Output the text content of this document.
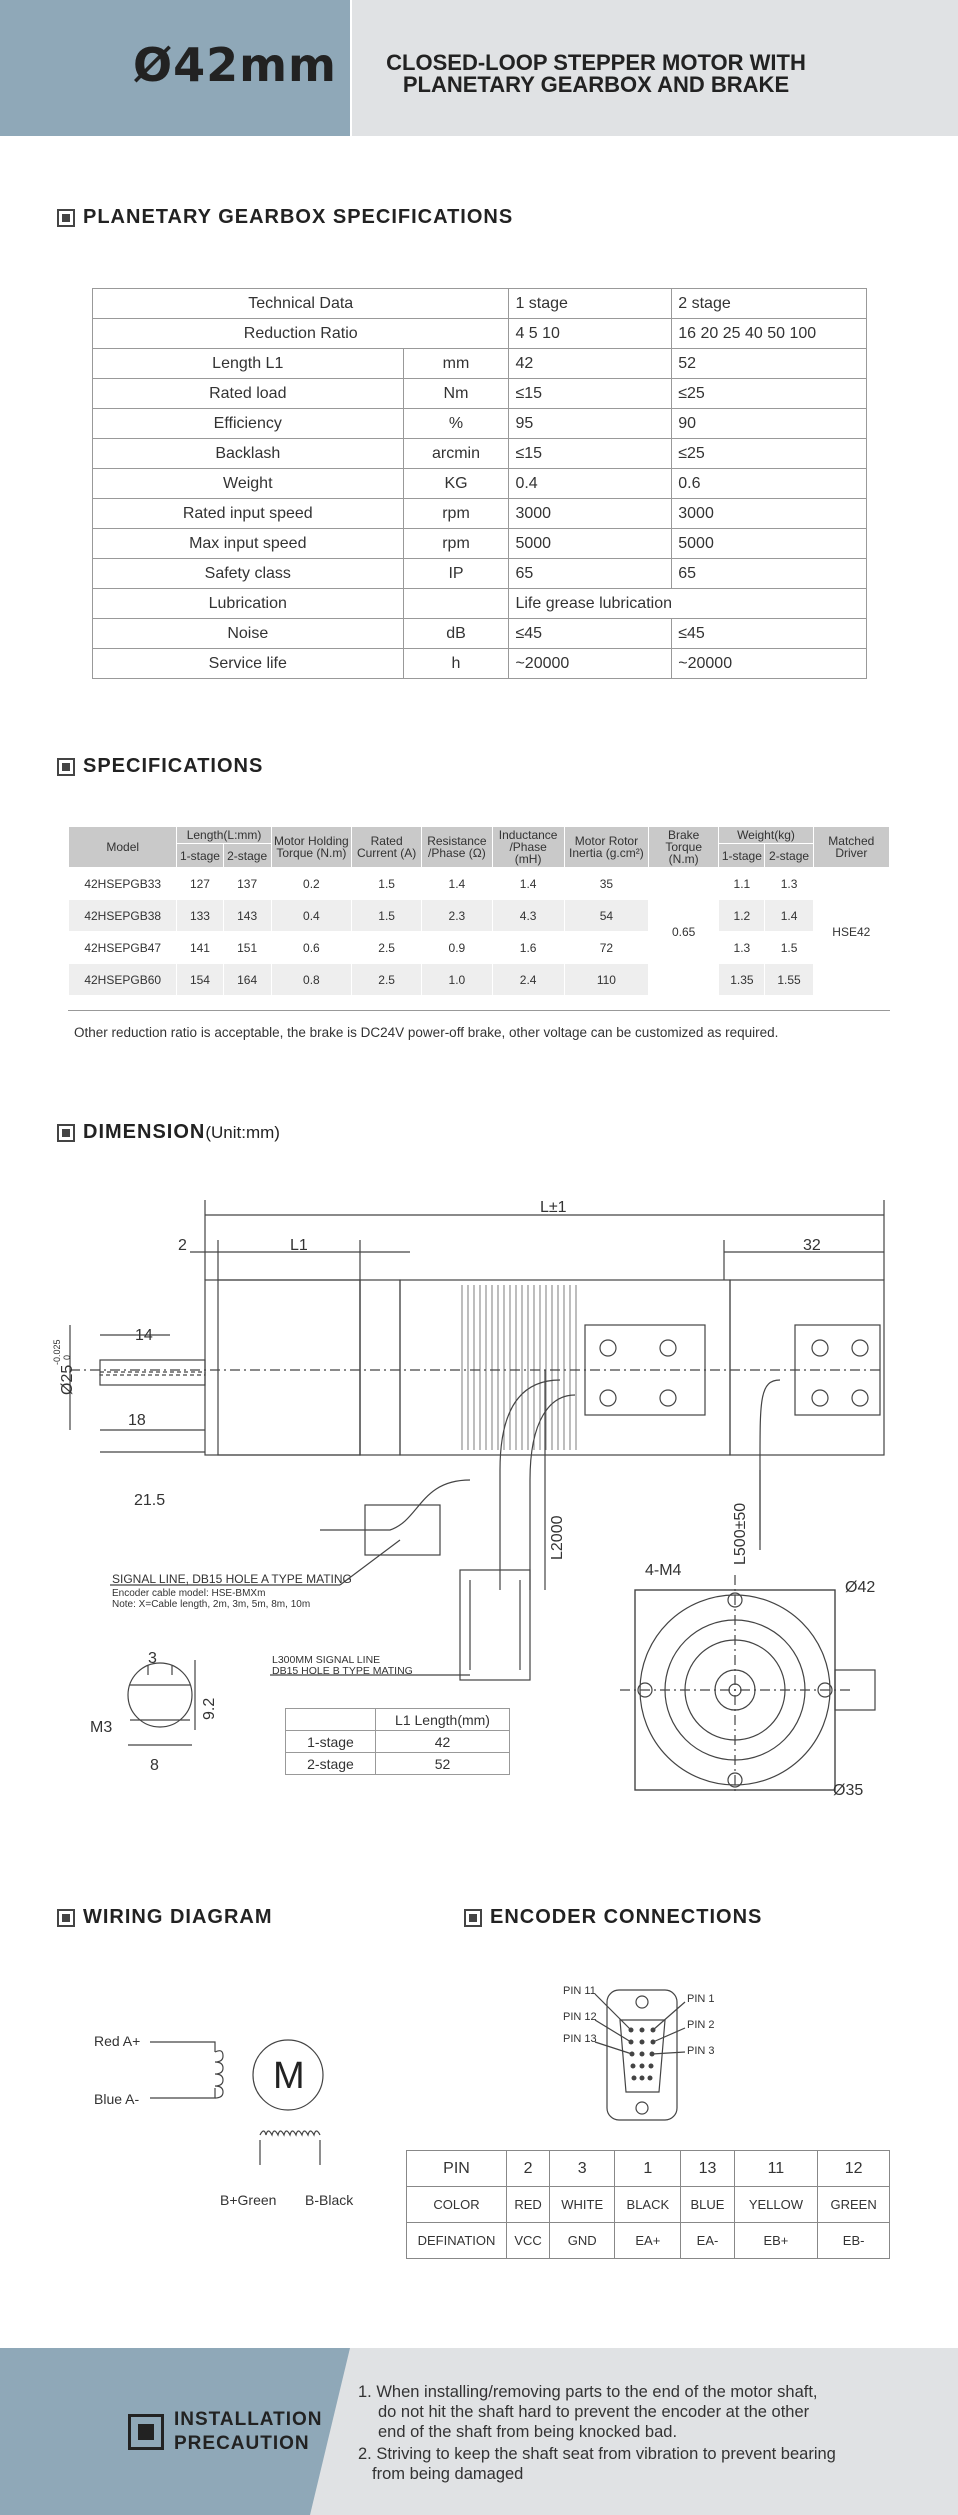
Ø42mm	CLOSED-LOOP STEPPER MOTOR WITH
PLANETARY GEARBOX AND BRAKE
PLANETARY GEARBOX SPECIFICATIONS
Technical Data		1 stage	2 stage
Reduction Ratio		4 5 10	16 20 25 40 50 100
Length L1	mm	42	52
Rated load	Nm	≤15	≤25
Efficiency	%	95	90
Backlash	arcmin	≤15	≤25
Weight	KG	0.4	0.6
Rated input speed	rpm	3000	3000
Max input speed	rpm	5000	5000
Safety class	IP	65	65
Lubrication		Life grease lubrication	
Noise	dB	≤45	≤45
Service life	h	~20000	~20000
SPECIFICATIONS
Model	Length(L:mm)		Motor Holding Torque (N.m)	Rated Current (A)	Resistance /Phase (Ω)	Inductance /Phase (mH)	Motor Rotor Inertia (g.cm²)	Brake Torque (N.m)	Weight(kg)		Matched Driver
	1-stage	2-stage							1-stage	2-stage	
42HSEPGB33	127	137	0.2	1.5	1.4	1.4	35	0.65	1.1	1.3	HSE42
42HSEPGB38	133	143	0.4	1.5	2.3	4.3	54		1.2	1.4	
42HSEPGB47	141	151	0.6	2.5	0.9	1.6	72		1.3	1.5	
42HSEPGB60	154	164	0.8	2.5	1.0	2.4	110		1.35	1.55	
Other reduction ratio is acceptable, the brake is DC24V power-off brake, other voltage can be customized as required.
DIMENSION (Unit:mm)
L±1
2	L1	32
14
18
21.5
Ø25
-0.025 0
L2000	L500±50
4-M4
Ø42
Ø35
3
M3
9.2
8
SIGNAL LINE, DB15 HOLE A TYPE MATING
Encoder cable model: HSE-BMXm
Note: X=Cable length, 2m, 3m, 5m, 8m, 10m
L300MM SIGNAL LINE
DB15 HOLE B TYPE MATING
	L1 Length(mm)
1-stage	42
2-stage	52
WIRING DIAGRAM
M
Red A+
Blue A-
B+Green B-Black
ENCODER CONNECTIONS
PIN 11
PIN 12
PIN 13
PIN 1
PIN 2
PIN 3
PIN	2	3	1	13	11	12
COLOR	RED	WHITE	BLACK	BLUE	YELLOW	GREEN
DEFINATION	VCC	GND	EA+	EA-	EB+	EB-
INSTALLATION
PRECAUTION

1. When installing/removing parts to the end of the motor shaft,
do not hit the shaft hard to prevent the encoder at the other
end of the shaft from being knocked bad.

2. Striving to keep the shaft seat from vibration to prevent bearing
from being damaged
